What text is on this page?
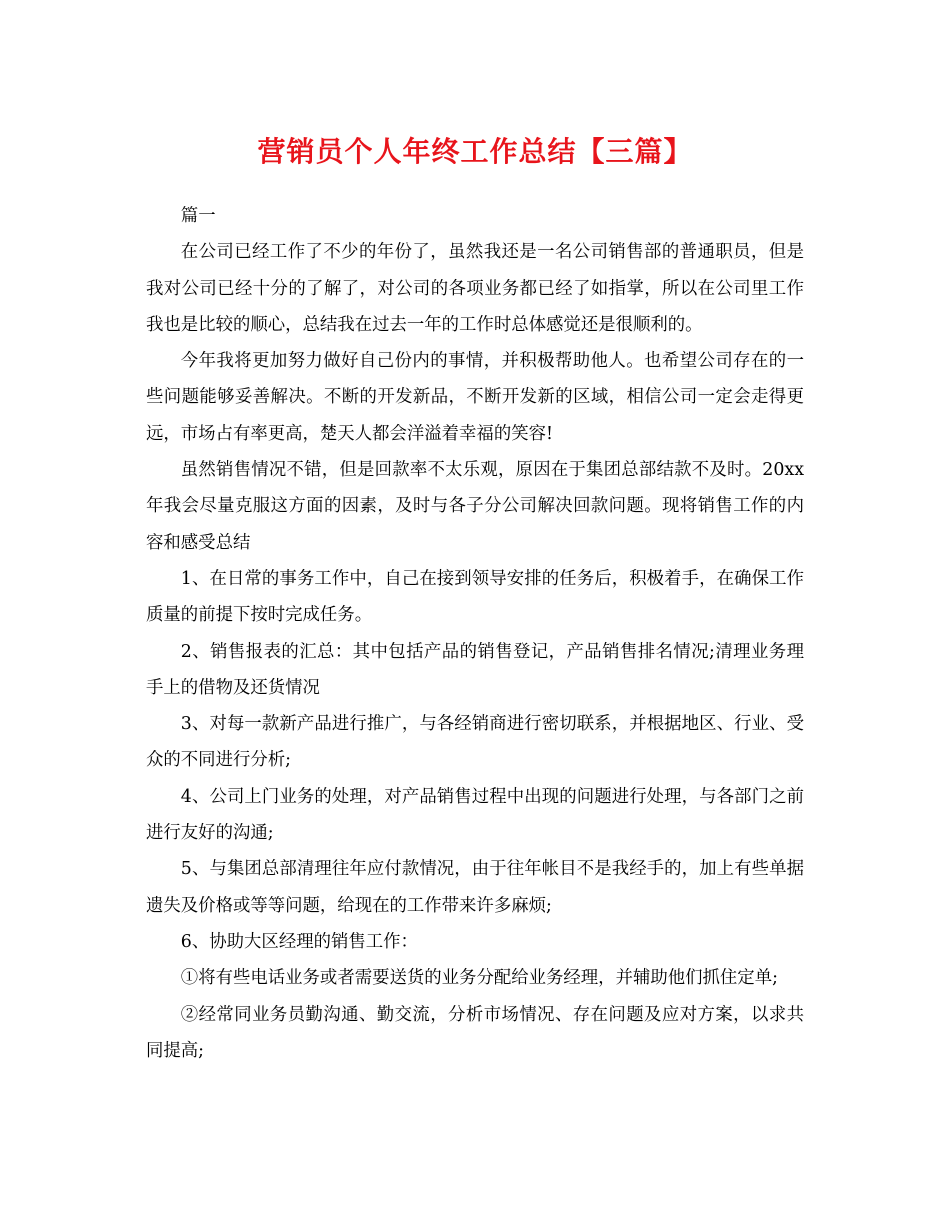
营销员个人年终工作总结【三篇】

篇一

在公司已经工作了不少的年份了，虽然我还是一名公司销售部的普通职员，但是我对公司已经十分的了解了，对公司的各项业务都已经了如指掌，所以在公司里工作我也是比较的顺心，总结我在过去一年的工作时总体感觉还是很顺利的。

今年我将更加努力做好自己份内的事情，并积极帮助他人。也希望公司存在的一些问题能够妥善解决。不断的开发新品，不断开发新的区域，相信公司一定会走得更远，市场占有率更高，楚天人都会洋溢着幸福的笑容!

虽然销售情况不错，但是回款率不太乐观，原因在于集团总部结款不及时。20xx年我会尽量克服这方面的因素，及时与各子分公司解决回款问题。现将销售工作的内容和感受总结

1、在日常的事务工作中，自己在接到领导安排的任务后，积极着手，在确保工作质量的前提下按时完成任务。

2、销售报表的汇总：其中包括产品的销售登记，产品销售排名情况;清理业务理手上的借物及还货情况

3、对每一款新产品进行推广，与各经销商进行密切联系，并根据地区、行业、受众的不同进行分析;

4、公司上门业务的处理，对产品销售过程中出现的问题进行处理，与各部门之前进行友好的沟通;

5、与集团总部清理往年应付款情况，由于往年帐目不是我经手的，加上有些单据遗失及价格或等等问题，给现在的工作带来许多麻烦;

6、协助大区经理的销售工作：

①将有些电话业务或者需要送货的业务分配给业务经理，并辅助他们抓住定单;

②经常同业务员勤沟通、勤交流，分析市场情况、存在问题及应对方案，以求共同提高;
